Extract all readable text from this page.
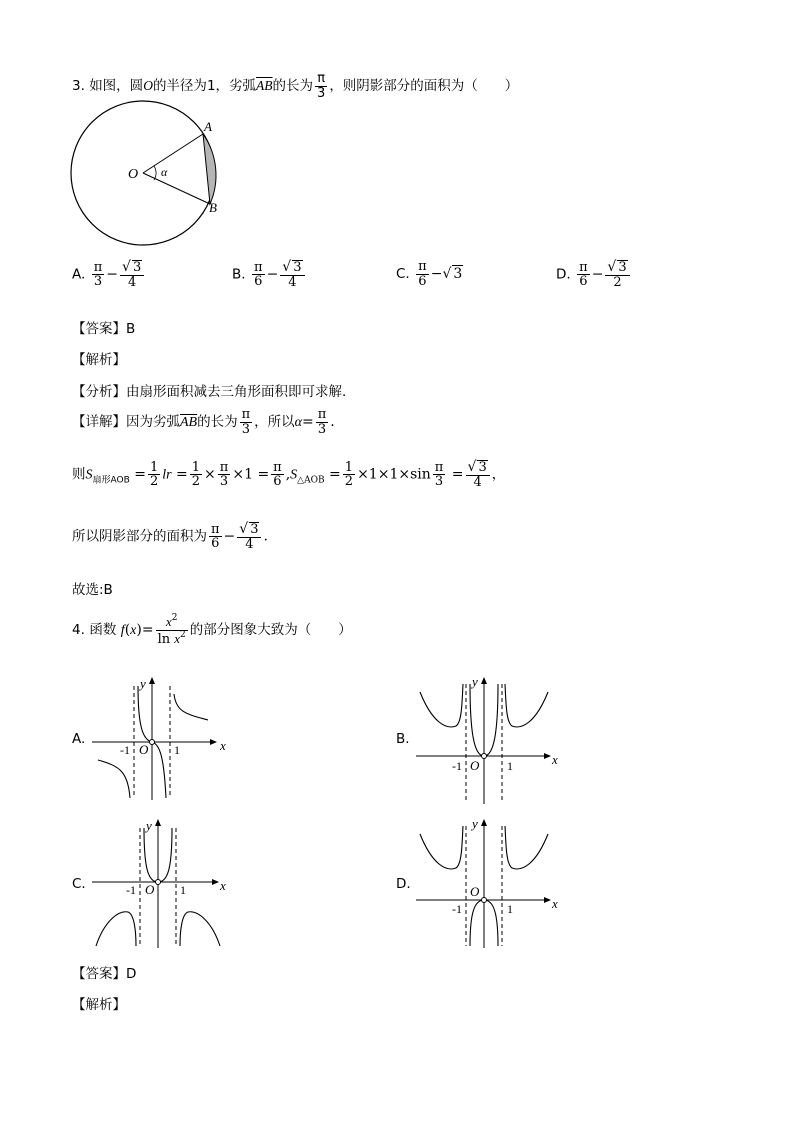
3. 如图，圆O的半径为1，劣弧$\overline{AB}$的长为 $\frac{\pi}{3}$ ，则阴影部分的面积为（　　）
O
A
B
α
A. $\frac{\pi}{3} - \frac{√ 3}{4}$	B. $\frac{\pi}{6} - \frac{√ 3}{4}$	C. $\frac{\pi}{6}$ −√ 3	D. $\frac{\pi}{6} - \frac{√ 3}{2}$
【答案】B
【解析】
【分析】由扇形面积减去三角形面积即可求解.
【详解】因为劣弧$\overline{AB}$的长为 $\frac{\pi}{3}$ ，所以$\alpha= \frac{\pi}{3}$ .
则$S_{扇形AOB} = \frac{1}{2}$ lr = $\frac{1}{2} \times \frac{\pi}{3} \times 1 = \frac{\pi}{6} ,S_{\triangle AOB} = \frac{1}{2} \times 1\times 1\times\sin \frac{\pi}{3} = \frac{√ 3}{4}$ ，
所以阴影部分的面积为 $\frac{\pi}{6} - \frac{√ 3}{4}$ .
故选:B
4. 函数 $f(x)= \frac{x^2}{\ln x^2}$ 的部分图象大致为（　　）
A.	B.
C.	D.
x
y
O
-1	1
x
y
O
-1	1
x
y
O
-1	1
x
y
O
-1	1
【答案】D
【解析】
